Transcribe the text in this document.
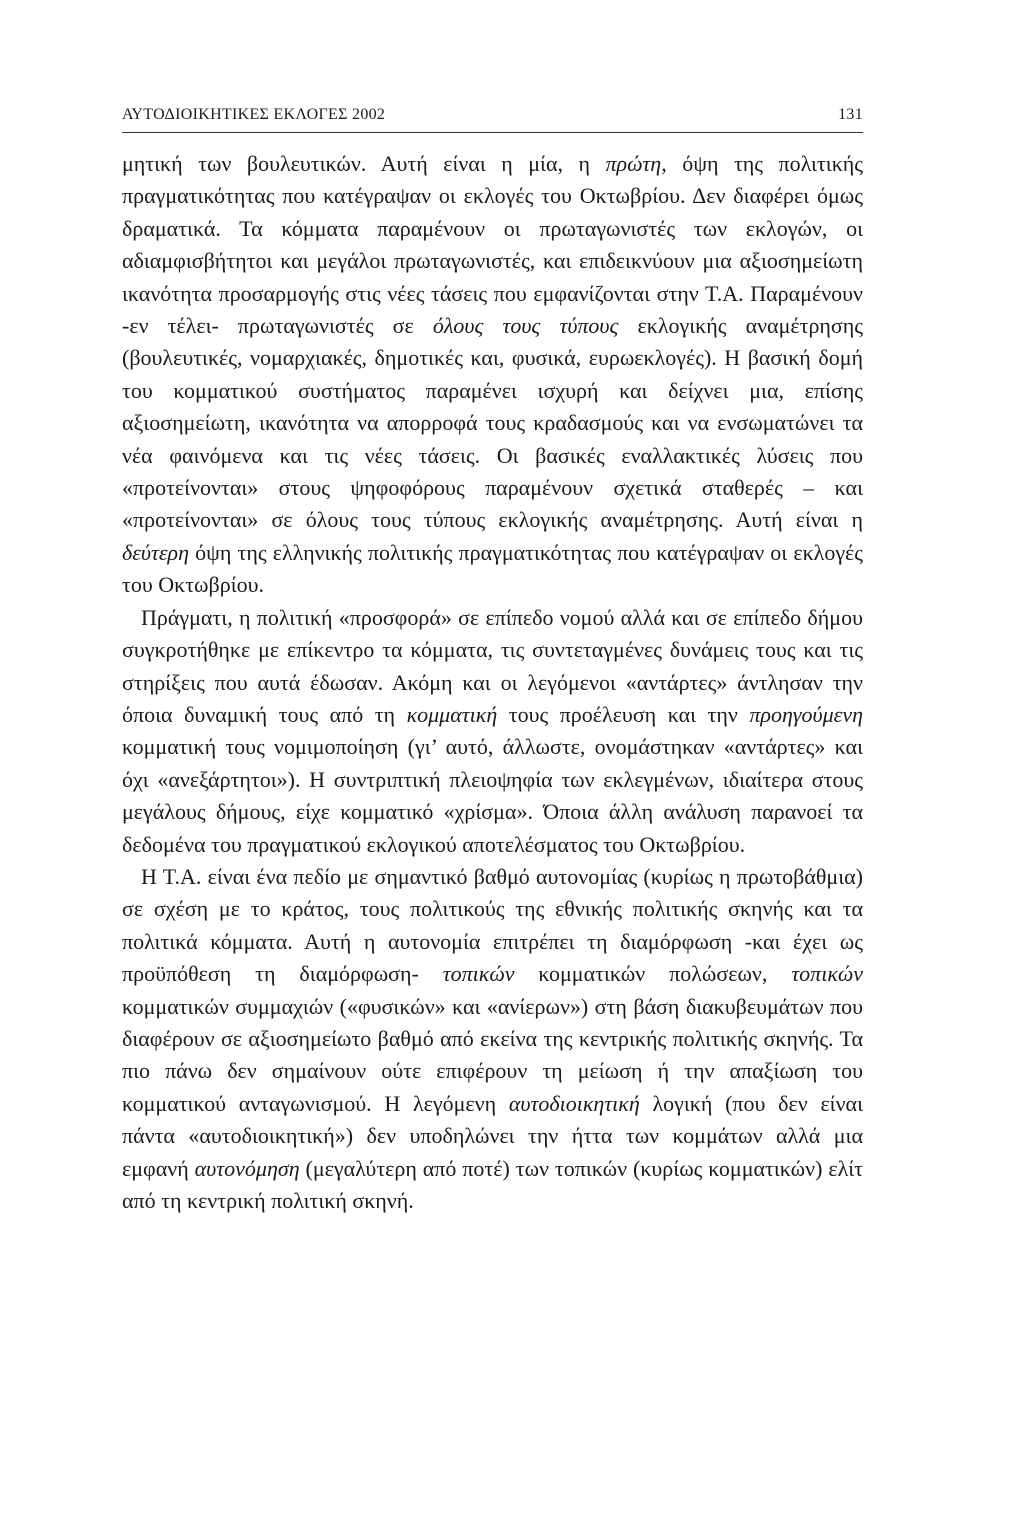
ΑΥΤΟΔΙΟΙΚΗΤΙΚΕΣ ΕΚΛΟΓΕΣ 2002	131

μητική των βουλευτικών. Αυτή είναι η μία, η πρώτη, όψη της πολιτικής πραγματικότητας που κατέγραψαν οι εκλογές του Οκτωβρίου. Δεν διαφέρει όμως δραματικά. Τα κόμματα παραμένουν οι πρωταγωνιστές των εκλογών, οι αδιαμφισβήτητοι και μεγάλοι πρωταγωνιστές, και επιδεικνύουν μια αξιοσημείωτη ικανότητα προσαρμογής στις νέες τάσεις που εμφανίζονται στην Τ.Α. Παραμένουν -εν τέλει- πρωταγωνιστές σε όλους τους τύπους εκλογικής αναμέτρησης (βουλευτικές, νομαρχιακές, δημοτικές και, φυσικά, ευρωεκλογές). Η βασική δομή του κομματικού συστήματος παραμένει ισχυρή και δείχνει μια, επίσης αξιοσημείωτη, ικανότητα να απορροφά τους κραδασμούς και να ενσωματώνει τα νέα φαινόμενα και τις νέες τάσεις. Οι βασικές εναλλακτικές λύσεις που «προτείνονται» στους ψηφοφόρους παραμένουν σχετικά σταθερές – και «προτείνονται» σε όλους τους τύπους εκλογικής αναμέτρησης. Αυτή είναι η δεύτερη όψη της ελληνικής πολιτικής πραγματικότητας που κατέγραψαν οι εκλογές του Οκτωβρίου.

Πράγματι, η πολιτική «προσφορά» σε επίπεδο νομού αλλά και σε επίπεδο δήμου συγκροτήθηκε με επίκεντρο τα κόμματα, τις συντεταγμένες δυνάμεις τους και τις στηρίξεις που αυτά έδωσαν. Ακόμη και οι λεγόμενοι «αντάρτες» άντλησαν την όποια δυναμική τους από τη κομματική τους προέλευση και την προηγούμενη κομματική τους νομιμοποίηση (γι’ αυτό, άλλωστε, ονομάστηκαν «αντάρτες» και όχι «ανεξάρτητοι»). Η συντριπτική πλειοψηφία των εκλεγμένων, ιδιαίτερα στους μεγάλους δήμους, είχε κομματικό «χρίσμα». Όποια άλλη ανάλυση παρανοεί τα δεδομένα του πραγματικού εκλογικού αποτελέσματος του Οκτωβρίου.

Η Τ.Α. είναι ένα πεδίο με σημαντικό βαθμό αυτονομίας (κυρίως η πρωτοβάθμια) σε σχέση με το κράτος, τους πολιτικούς της εθνικής πολιτικής σκηνής και τα πολιτικά κόμματα. Αυτή η αυτονομία επιτρέπει τη διαμόρφωση -και έχει ως προϋπόθεση τη διαμόρφωση- τοπικών κομματικών πολώσεων, τοπικών κομματικών συμμαχιών («φυσικών» και «ανίερων») στη βάση διακυβευμάτων που διαφέρουν σε αξιοσημείωτο βαθμό από εκείνα της κεντρικής πολιτικής σκηνής. Τα πιο πάνω δεν σημαίνουν ούτε επιφέρουν τη μείωση ή την απαξίωση του κομματικού ανταγωνισμού. Η λεγόμενη αυτοδιοικητική λογική (που δεν είναι πάντα «αυτοδιοικητική») δεν υποδηλώνει την ήττα των κομμάτων αλλά μια εμφανή αυτονόμηση (μεγαλύτερη από ποτέ) των τοπικών (κυρίως κομματικών) ελίτ από τη κεντρική πολιτική σκηνή.
